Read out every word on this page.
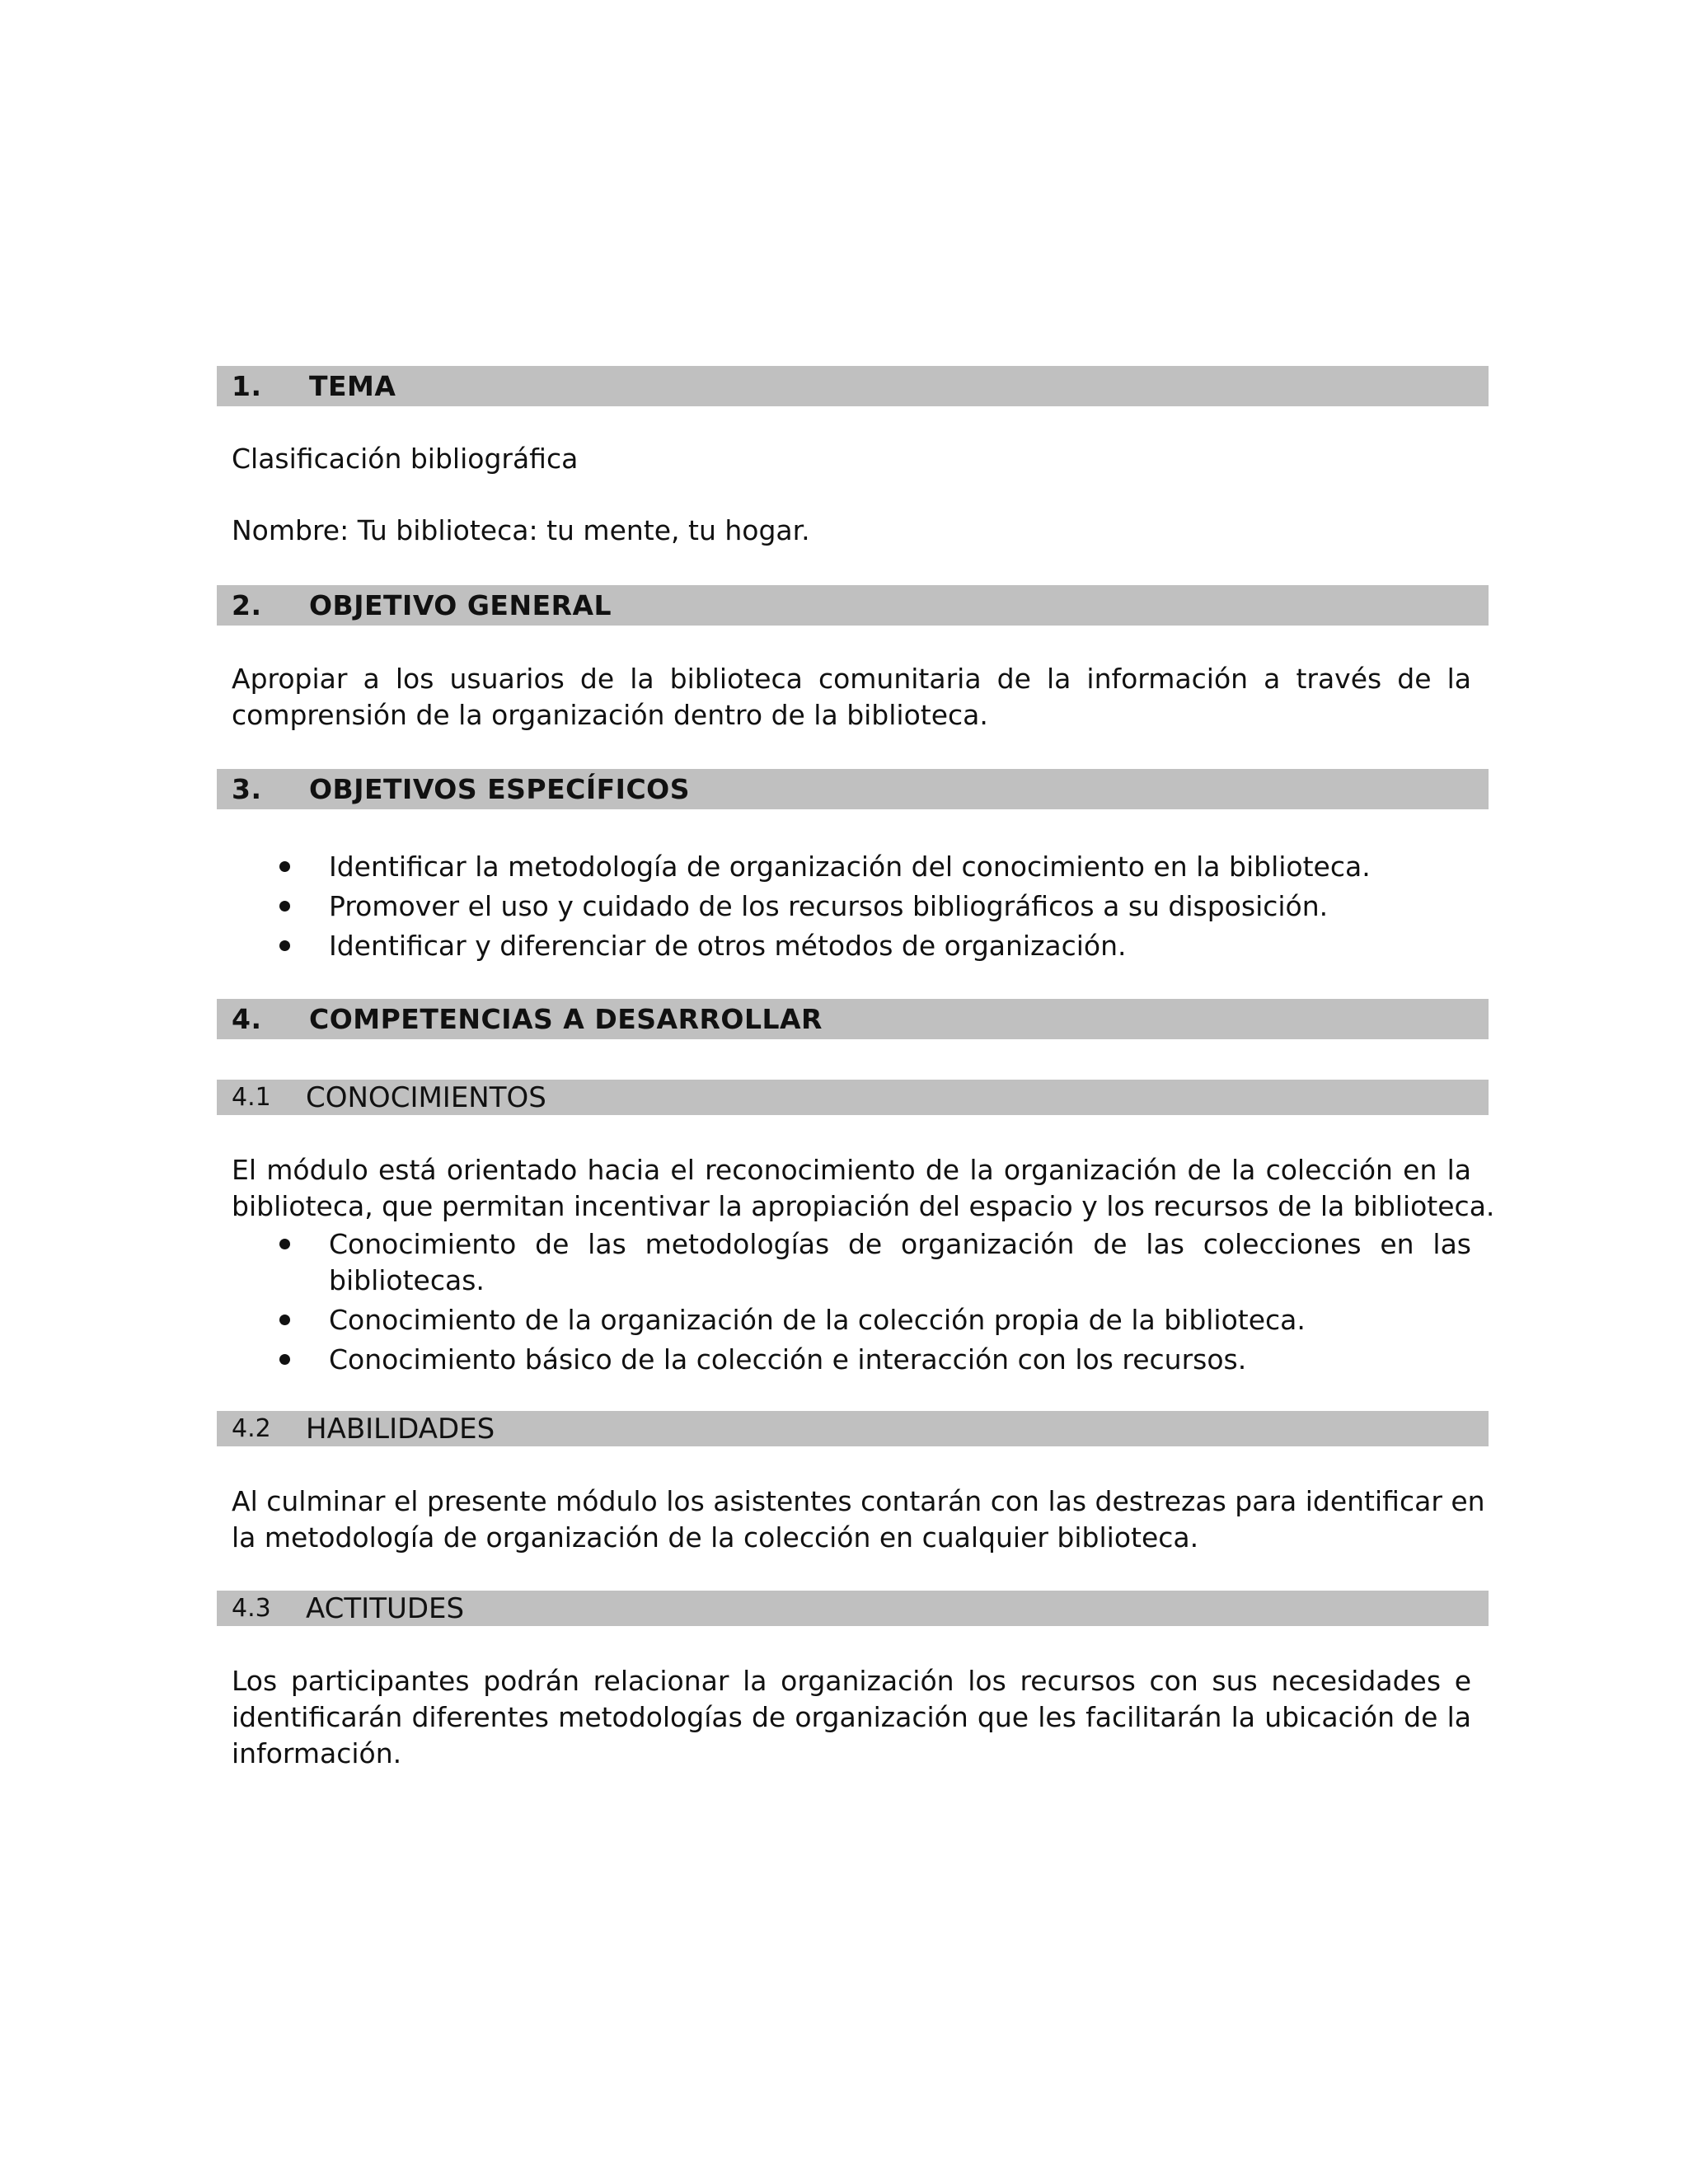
1. TEMA
Clasificación bibliográfica
Nombre: Tu biblioteca: tu mente, tu hogar.
2. OBJETIVO GENERAL
Apropiar a los usuarios de la biblioteca comunitaria de la información a través de la
comprensión de la organización dentro de la biblioteca.
3. OBJETIVOS ESPECÍFICOS
Identificar la metodología de organización del conocimiento en la biblioteca.
Promover el uso y cuidado de los recursos bibliográficos a su disposición.
Identificar y diferenciar de otros métodos de organización.
4. COMPETENCIAS A DESARROLLAR
4.1 CONOCIMIENTOS
El módulo está orientado hacia el reconocimiento de la organización de la colección en la
biblioteca, que permitan incentivar la apropiación del espacio y los recursos de la biblioteca.
Conocimiento de las metodologías de organización de las colecciones en las
bibliotecas.
Conocimiento de la organización de la colección propia de la biblioteca.
Conocimiento básico de la colección e interacción con los recursos.
4.2 HABILIDADES
Al culminar el presente módulo los asistentes contarán con las destrezas para identificar en
la metodología de organización de la colección en cualquier biblioteca.
4.3 ACTITUDES
Los participantes podrán relacionar la organización los recursos con sus necesidades e
identificarán diferentes metodologías de organización que les facilitarán la ubicación de la
información.
